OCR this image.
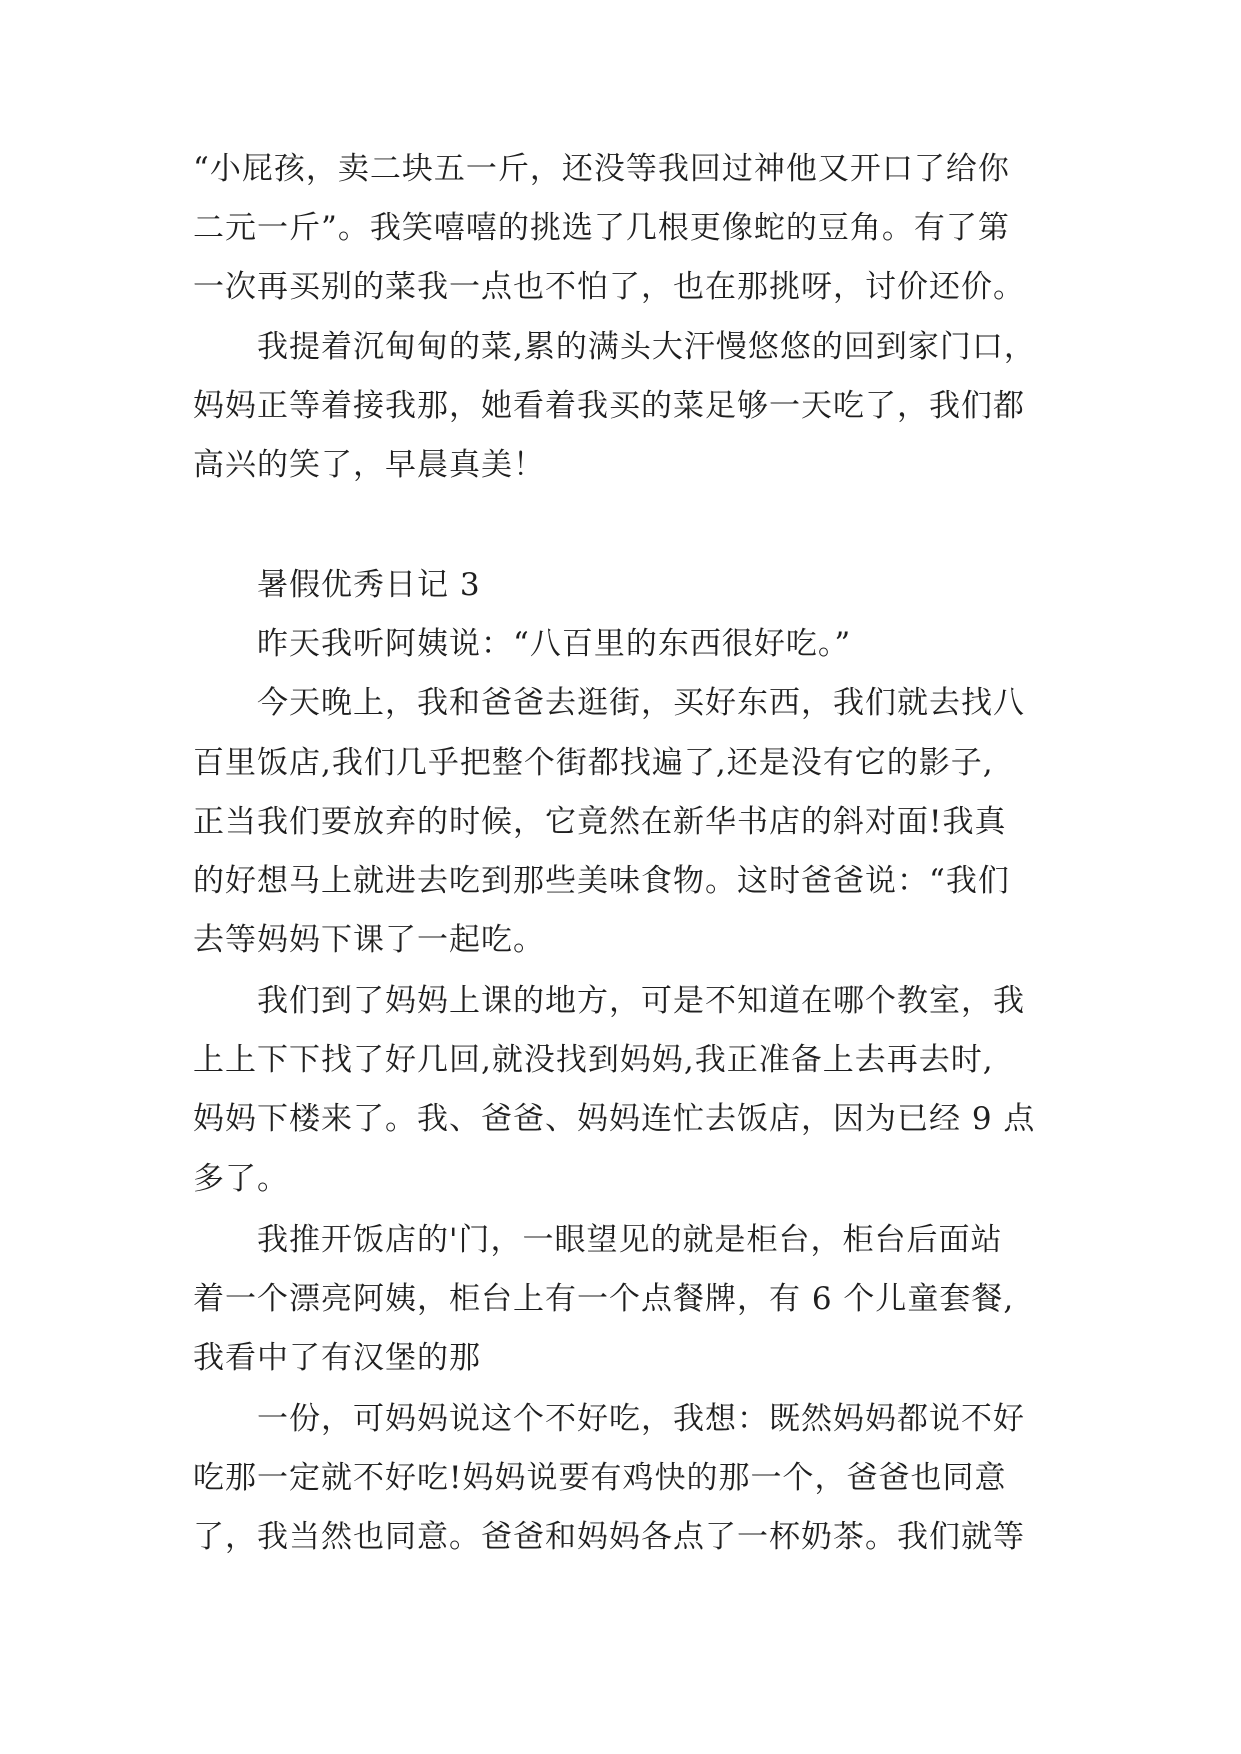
“小屁孩，卖二块五一斤，还没等我回过神他又开口了给你
二元一斤”。我笑嘻嘻的挑选了几根更像蛇的豆角。有了第
一次再买别的菜我一点也不怕了，也在那挑呀，讨价还价。
我提着沉甸甸的菜,累的满头大汗慢悠悠的回到家门口，
妈妈正等着接我那，她看着我买的菜足够一天吃了，我们都
高兴的笑了，早晨真美！
暑假优秀日记 3
昨天我听阿姨说：“八百里的东西很好吃。”
今天晚上，我和爸爸去逛街，买好东西，我们就去找八
百里饭店,我们几乎把整个街都找遍了,还是没有它的影子,
正当我们要放弃的时候，它竟然在新华书店的斜对面!我真
的好想马上就进去吃到那些美味食物。这时爸爸说：“我们
去等妈妈下课了一起吃。
我们到了妈妈上课的地方，可是不知道在哪个教室，我
上上下下找了好几回,就没找到妈妈,我正准备上去再去时,
妈妈下楼来了。我、爸爸、妈妈连忙去饭店，因为已经 9 点
多了。
我推开饭店的'门，一眼望见的就是柜台，柜台后面站
着一个漂亮阿姨，柜台上有一个点餐牌，有 6 个儿童套餐,
我看中了有汉堡的那
一份，可妈妈说这个不好吃，我想：既然妈妈都说不好
吃那一定就不好吃!妈妈说要有鸡快的那一个，爸爸也同意
了，我当然也同意。爸爸和妈妈各点了一杯奶茶。我们就等
